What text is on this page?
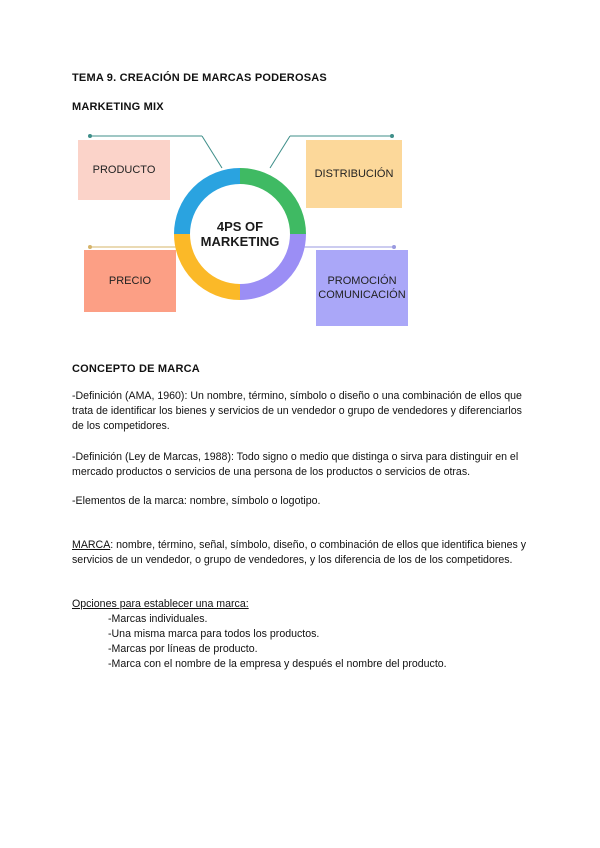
TEMA 9. CREACIÓN DE MARCAS PODEROSAS
MARKETING MIX
PRODUCTO	DISTRIBUCIÓN
PRECIO	PROMOCIÓN
COMUNICACIÓN
4PS OF
MARKETING
CONCEPTO DE MARCA
-Definición (AMA, 1960): Un nombre, término, símbolo o diseño o una combinación de ellos que trata de identificar los bienes y servicios de un vendedor o grupo de vendedores y diferenciarlos de los competidores.
-Definición (Ley de Marcas, 1988): Todo signo o medio que distinga o sirva para distinguir en el mercado productos o servicios de una persona de los productos o servicios de otras.
-Elementos de la marca: nombre, símbolo o logotipo.
MARCA: nombre, término, señal, símbolo, diseño, o combinación de ellos que identifica bienes y servicios de un vendedor, o grupo de vendedores, y los diferencia de los de los competidores.
Opciones para establecer una marca:
-Marcas individuales.
-Una misma marca para todos los productos.
-Marcas por líneas de producto.
-Marca con el nombre de la empresa y después el nombre del producto.
